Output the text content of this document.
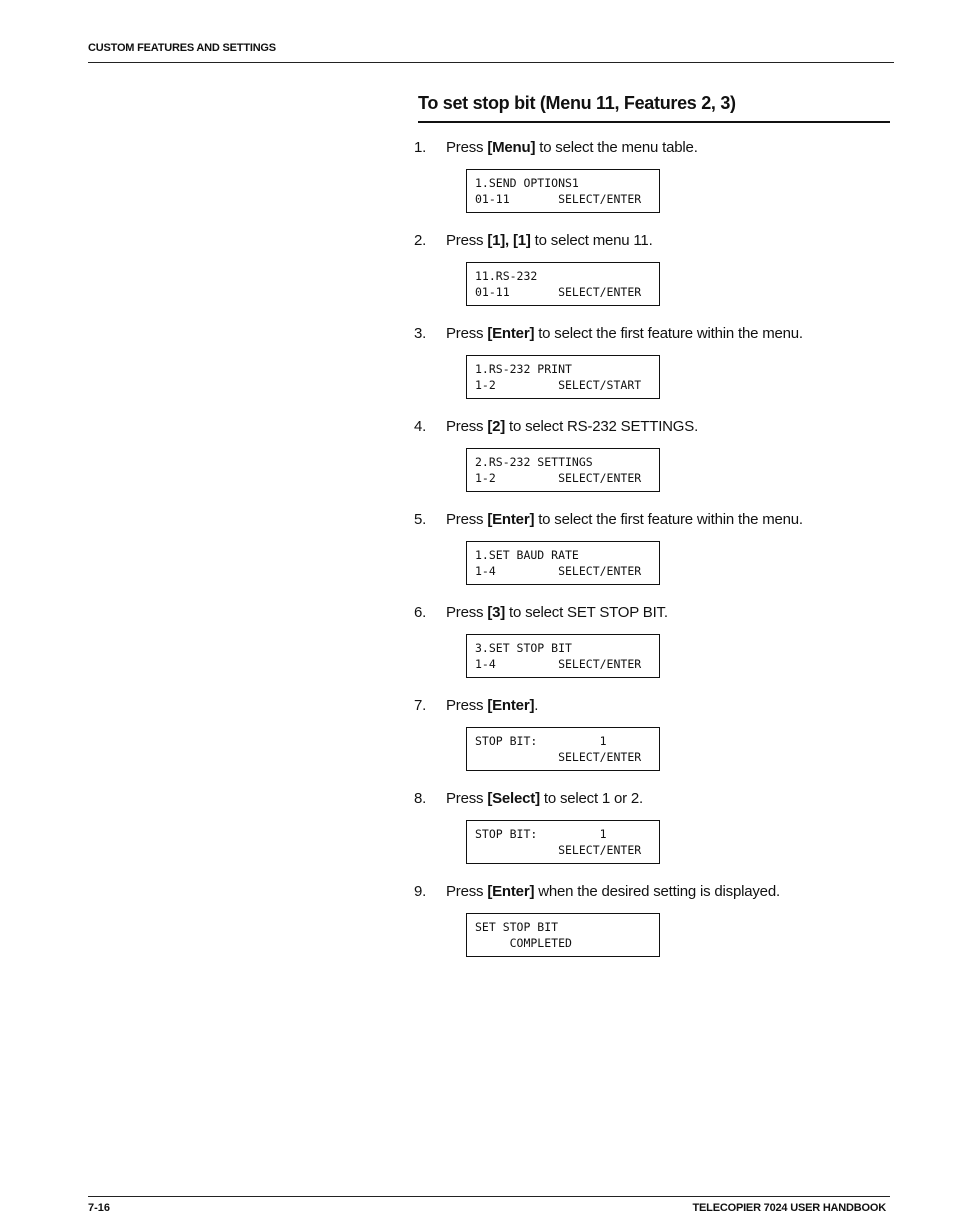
CUSTOM FEATURES AND SETTINGS
To set stop bit (Menu 11, Features 2, 3)
1. Press [Menu] to select the menu table.
1.SEND OPTIONS1
01-11       SELECT/ENTER
2. Press [1], [1] to select menu 11.
11.RS-232
01-11       SELECT/ENTER
3. Press [Enter] to select the first feature within the menu.
1.RS-232 PRINT
1-2         SELECT/START
4. Press [2] to select RS-232 SETTINGS.
2.RS-232 SETTINGS
1-2         SELECT/ENTER
5. Press [Enter] to select the first feature within the menu.
1.SET BAUD RATE
1-4         SELECT/ENTER
6. Press [3] to select SET STOP BIT.
3.SET STOP BIT
1-4         SELECT/ENTER
7. Press [Enter].
STOP BIT:         1
SELECT/ENTER
8. Press [Select] to select 1 or 2.
STOP BIT:         1
SELECT/ENTER
9. Press [Enter] when the desired setting is displayed.
SET STOP BIT
COMPLETED
7-16	TELECOPIER 7024 USER HANDBOOK
